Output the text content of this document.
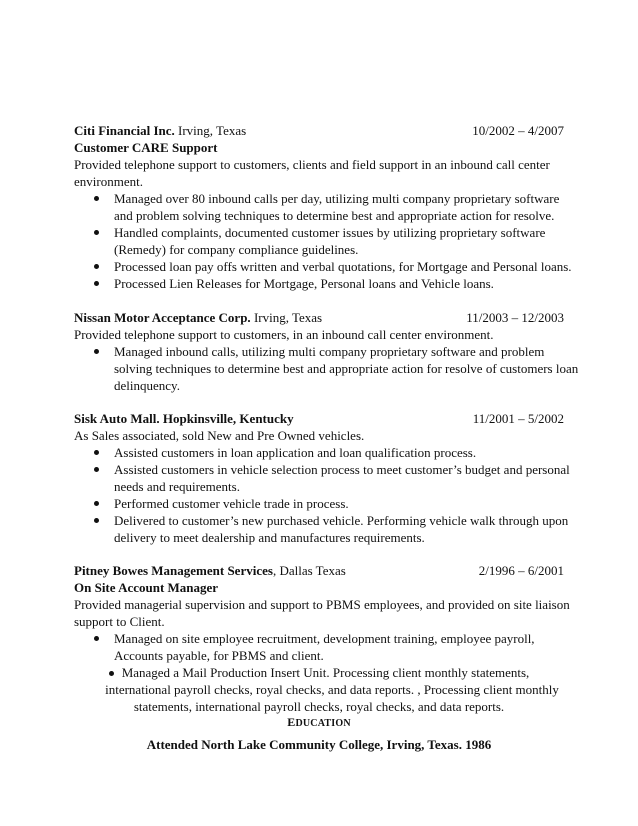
Citi Financial Inc. Irving, Texas	10/2002 – 4/2007
Customer CARE Support
Provided telephone support to customers, clients and field support in an inbound call center
environment.
Managed over 80 inbound calls per day, utilizing multi company proprietary software
and problem solving techniques to determine best and appropriate action for resolve.
Handled complaints, documented customer issues by utilizing proprietary software
(Remedy) for company compliance guidelines.
Processed loan pay offs written and verbal quotations, for Mortgage and Personal loans.
Processed Lien Releases for Mortgage, Personal loans and Vehicle loans.
Nissan Motor Acceptance Corp. Irving, Texas	11/2003 – 12/2003
Provided telephone support to customers, in an inbound call center environment.
Managed inbound calls, utilizing multi company proprietary software and problem
solving techniques to determine best and appropriate action for resolve of customers loan
delinquency.
Sisk Auto Mall. Hopkinsville, Kentucky	11/2001 – 5/2002
As Sales associated, sold New and Pre Owned vehicles.
Assisted customers in loan application and loan qualification process.
Assisted customers in vehicle selection process to meet customer’s budget and personal
needs and requirements.
Performed customer vehicle trade in process.
Delivered to customer’s new purchased vehicle. Performing vehicle walk through upon
delivery to meet dealership and manufactures requirements.
Pitney Bowes Management Services, Dallas Texas	2/1996 – 6/2001
On Site Account Manager
Provided managerial supervision and support to PBMS employees, and provided on site liaison
support to Client.
Managed on site employee recruitment, development training, employee payroll,
Accounts payable, for PBMS and client.
Managed a Mail Production Insert Unit. Processing client monthly statements,
international payroll checks, royal checks, and data reports. , Processing client monthly
statements, international payroll checks, royal checks, and data reports.
EDUCATION
Attended North Lake Community College, Irving, Texas. 1986
